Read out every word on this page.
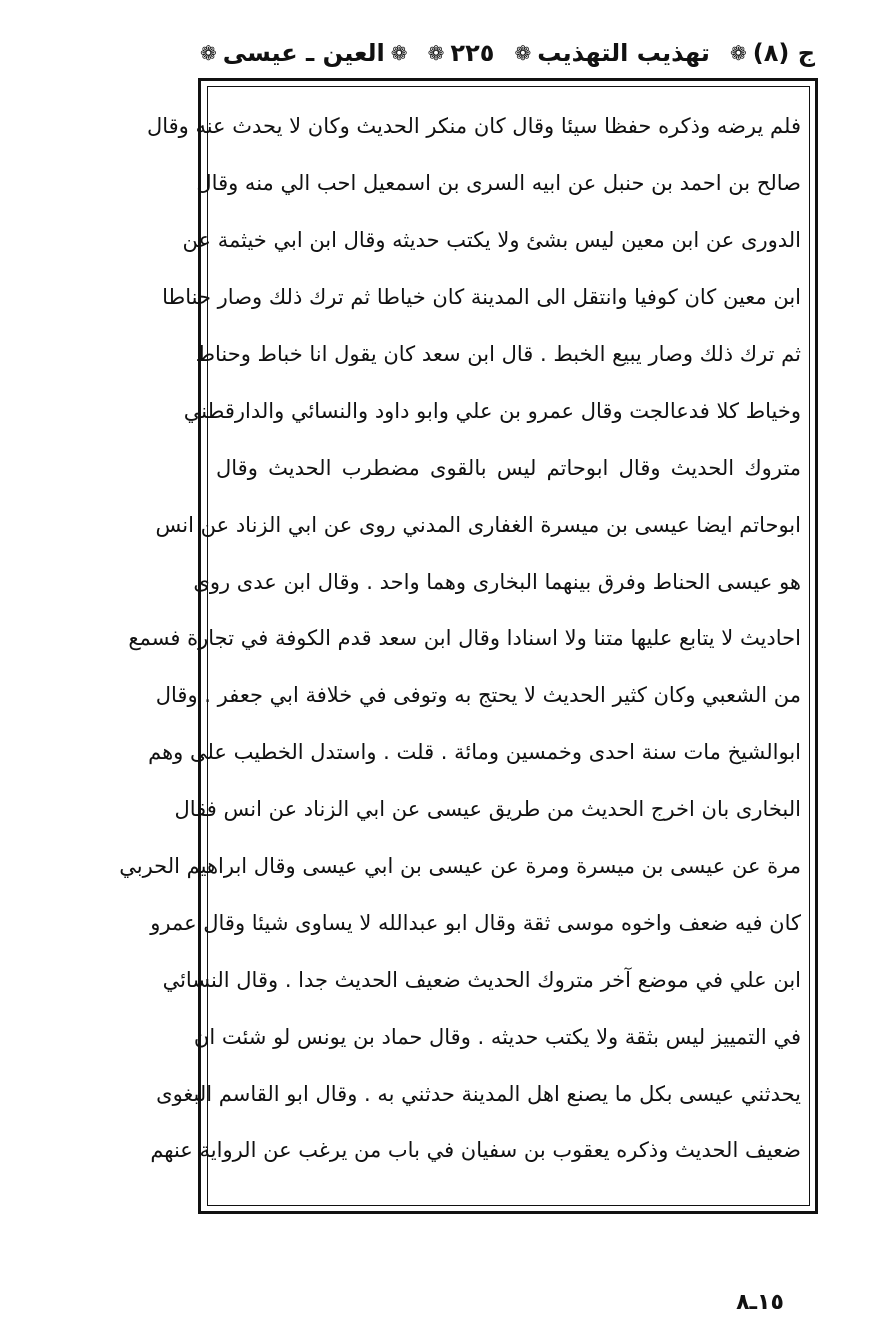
ج (٨)
❁
تهذيب التهذيب
❁
٢٢٥
❁
❁
العين ـ عيسى
❁
فلم يرضه وذكره حفظا سيئا وقال كان منكر الحديث وكان لا يحدث عنه وقال
صالح بن احمد بن حنبل عن ابيه السرى بن اسمعيل احب الي منه وقال
الدورى عن ابن معين ليس بشئ ولا يكتب حديثه وقال ابن ابي خيثمة عن
ابن معين كان كوفيا وانتقل الى المدينة كان خياطا ثم ترك ذلك وصار حناطا
ثم ترك ذلك وصار يبيع الخبط . قال ابن سعد كان يقول انا خباط وحناط
وخياط كلا فدعالجت وقال عمرو بن علي وابو داود والنسائي والدارقطني
متروك الحديث وقال ابوحاتم ليس بالقوى مضطرب الحديث وقال
ابوحاتم ايضا عيسى بن ميسرة الغفارى المدني روى عن ابي الزناد عن انس
هو عيسى الحناط وفرق بينهما البخارى وهما واحد . وقال ابن عدى روى
احاديث لا يتابع عليها متنا ولا اسنادا وقال ابن سعد قدم الكوفة في تجارة فسمع
من الشعبي وكان كثير الحديث لا يحتج به وتوفى في خلافة ابي جعفر . وقال
ابوالشيخ مات سنة احدى وخمسين ومائة . قلت . واستدل الخطيب على وهم
البخارى بان اخرج الحديث من طريق عيسى عن ابي الزناد عن انس فقال
مرة عن عيسى بن ميسرة ومرة عن عيسى بن ابي عيسى وقال ابراهيم الحربي
كان فيه ضعف واخوه موسى ثقة وقال ابو عبدالله لا يساوى شيئا وقال عمرو
ابن علي في موضع آخر متروك الحديث ضعيف الحديث جدا . وقال النسائي
في التمييز ليس بثقة ولا يكتب حديثه . وقال حماد بن يونس لو شئت ان
يحدثني عيسى بكل ما يصنع اهل المدينة حدثني به . وقال ابو القاسم البغوى
ضعيف الحديث وذكره يعقوب بن سفيان في باب من يرغب عن الرواية عنهم
١٥ـ٨
